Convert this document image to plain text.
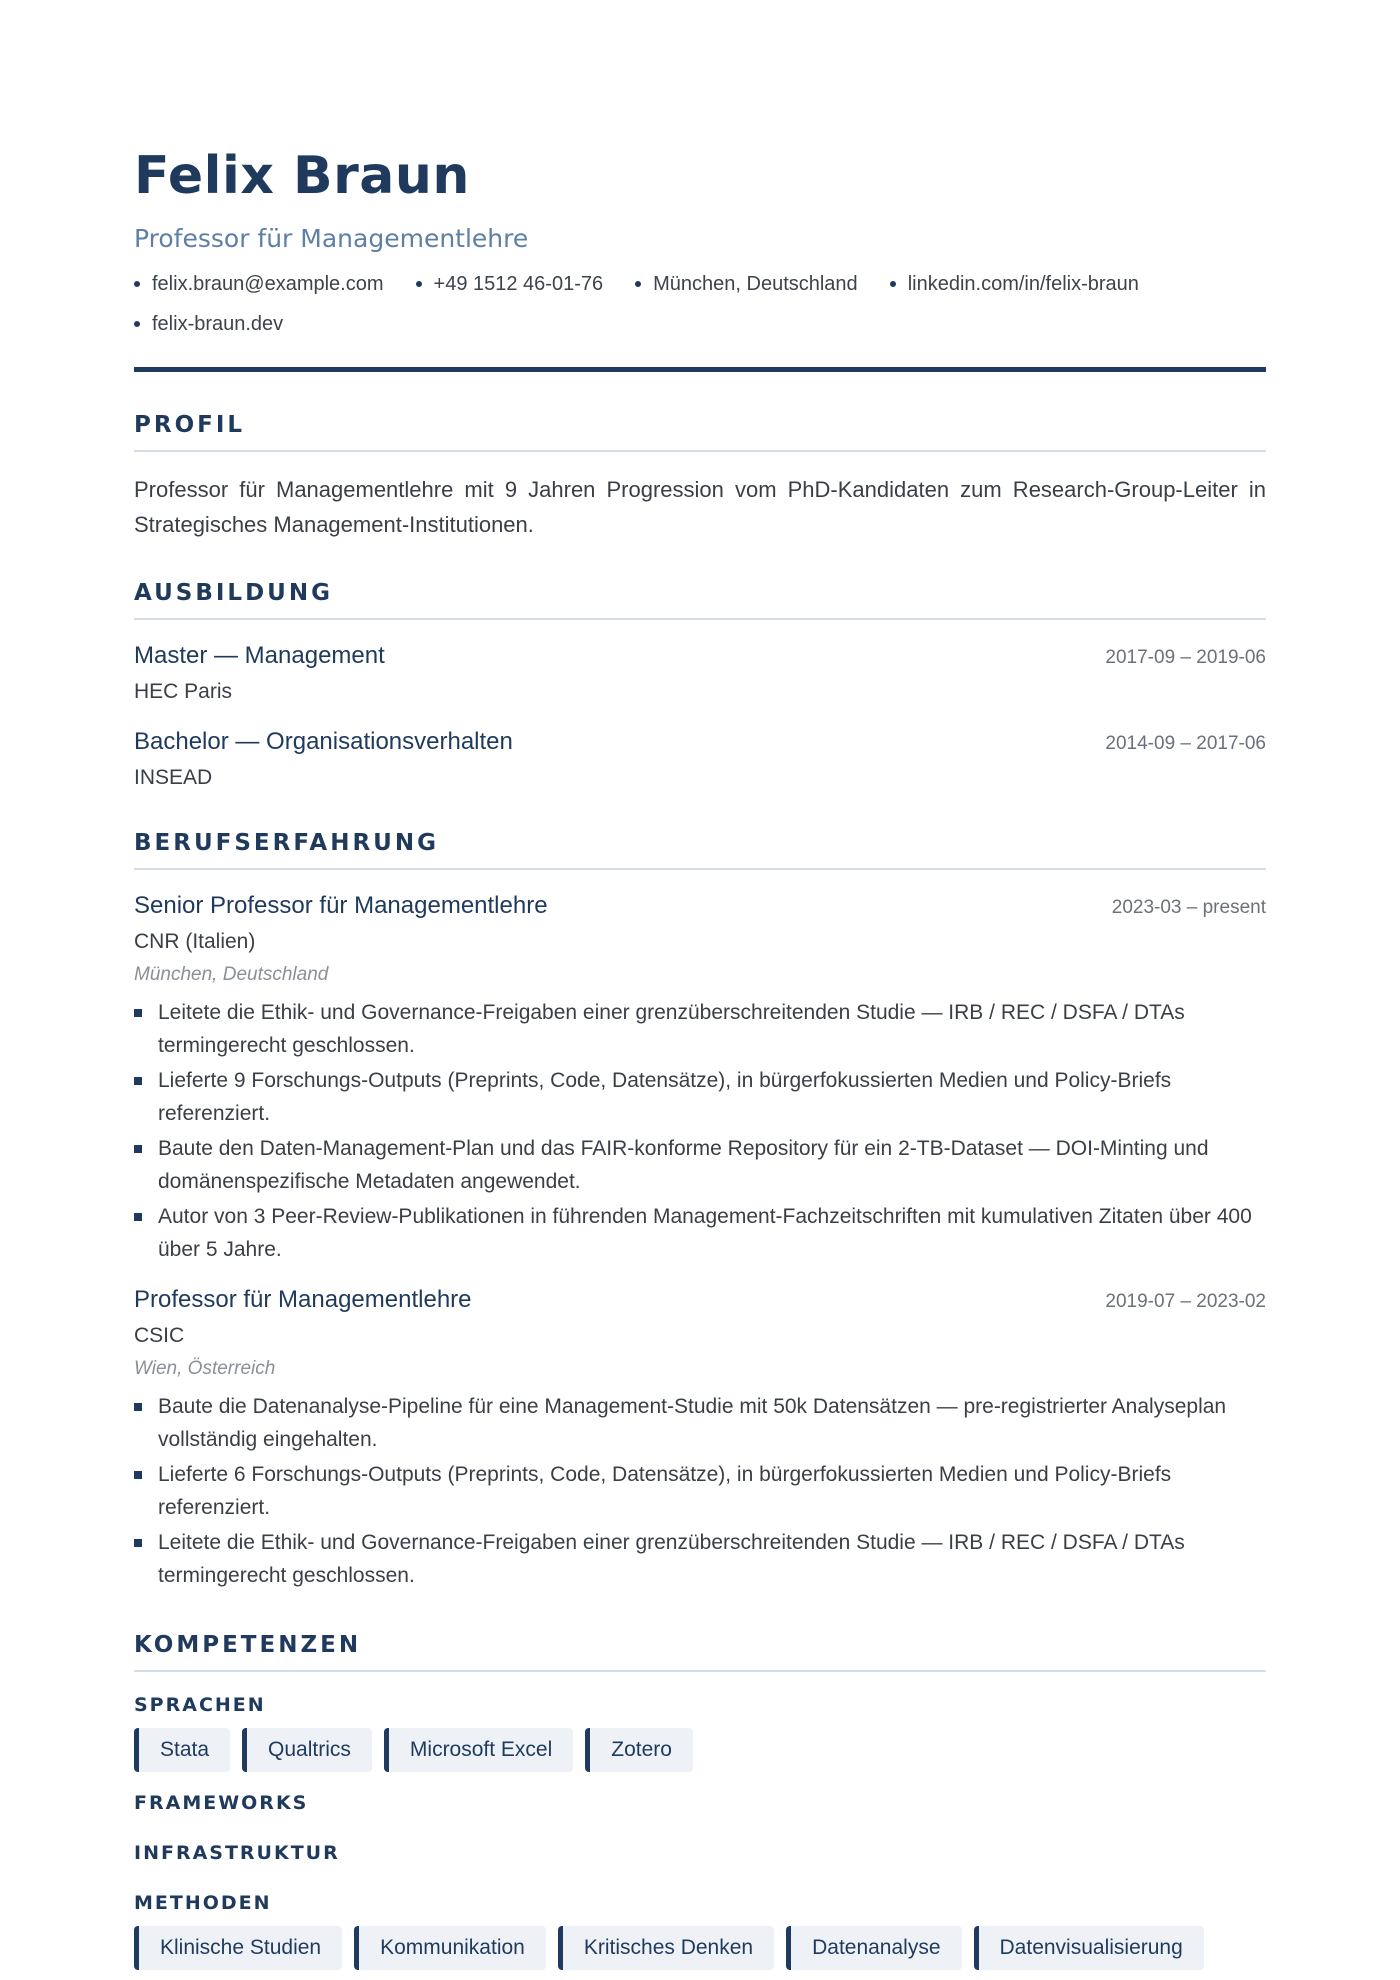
Felix Braun
Professor für Managementlehre
felix.braun@example.com	+49 1512 46-01-76	München, Deutschland	linkedin.com/in/felix-braun
felix-braun.dev
PROFIL

Professor für Managementlehre mit 9 Jahren Progression vom PhD-Kandidaten zum Research-Group-Leiter in Strategisches Management-Institutionen.

AUSBILDUNG
Master — Management	2017-09 – 2019-06
HEC Paris
Bachelor — Organisationsverhalten	2014-09 – 2017-06
INSEAD
BERUFSERFAHRUNG
Senior Professor für Managementlehre	2023-03 – present
CNR (Italien)
München, Deutschland
Leitete die Ethik- und Governance-Freigaben einer grenzüberschreitenden Studie — IRB / REC / DSFA / DTAs termingerecht geschlossen.
Lieferte 9 Forschungs-Outputs (Preprints, Code, Datensätze), in bürgerfokussierten Medien und Policy-Briefs referenziert.
Baute den Daten-Management-Plan und das FAIR-konforme Repository für ein 2-TB-Dataset — DOI-Minting und domänenspezifische Metadaten angewendet.
Autor von 3 Peer-Review-Publikationen in führenden Management-Fachzeitschriften mit kumulativen Zitaten über 400 über 5 Jahre.
Professor für Managementlehre	2019-07 – 2023-02
CSIC
Wien, Österreich
Baute die Datenanalyse-Pipeline für eine Management-Studie mit 50k Datensätzen — pre-registrierter Analyseplan vollständig eingehalten.
Lieferte 6 Forschungs-Outputs (Preprints, Code, Datensätze), in bürgerfokussierten Medien und Policy-Briefs referenziert.
Leitete die Ethik- und Governance-Freigaben einer grenzüberschreitenden Studie — IRB / REC / DSFA / DTAs termingerecht geschlossen.
KOMPETENZEN
SPRACHEN
Stata	Qualtrics	Microsoft Excel	Zotero
FRAMEWORKS
INFRASTRUKTUR
METHODEN
Klinische Studien	Kommunikation	Kritisches Denken	Datenanalyse	Datenvisualisierung
